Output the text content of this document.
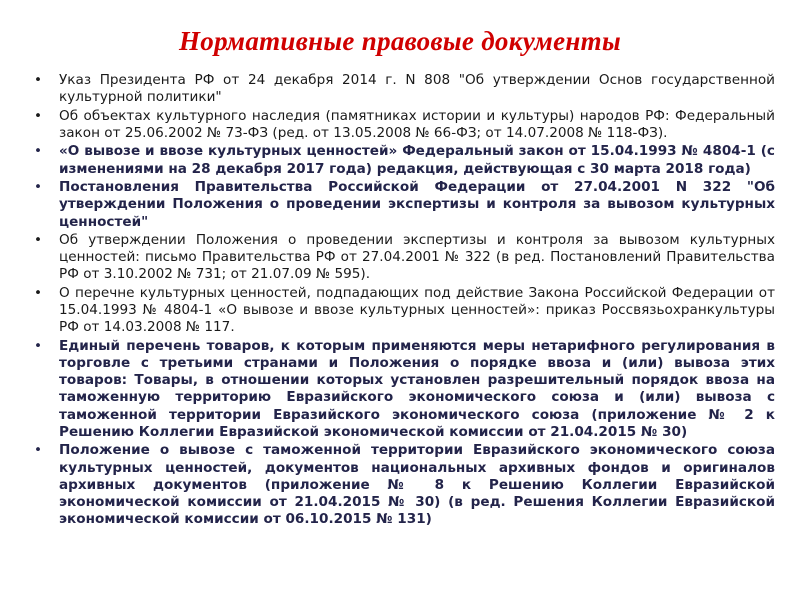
Нормативные правовые документы
• Указ Президента РФ от 24 декабря 2014 г. N 808 "Об утверждении Основ государственной культурной политики"
• Об объектах культурного наследия (памятниках истории и культуры) народов РФ: Федеральный закон от 25.06.2002 № 73-ФЗ (ред. от 13.05.2008 № 66-ФЗ; от 14.07.2008 № 118-ФЗ).
• «О вывозе и ввозе культурных ценностей» Федеральный закон от 15.04.1993 № 4804-1 (с изменениями на 28 декабря 2017 года) редакция, действующая с 30 марта 2018 года)
• Постановления Правительства Российской Федерации от 27.04.2001 N 322 "Об утверждении Положения о проведении экспертизы и контроля за вывозом культурных ценностей"
• Об утверждении Положения о проведении экспертизы и контроля за вывозом культурных ценностей: письмо Правительства РФ от 27.04.2001 № 322 (в ред. Постановлений Правительства РФ от 3.10.2002 № 731; от 21.07.09 № 595).
• О перечне культурных ценностей, подпадающих под действие Закона Российской Федерации от 15.04.1993 № 4804-1 «О вывозе и ввозе культурных ценностей»: приказ Россвязьохранкультуры РФ от 14.03.2008 № 117.
• Единый перечень товаров, к которым применяются меры нетарифного регулирования в торговле с третьими странами и Положения о порядке ввоза и (или) вывоза этих товаров: Товары, в отношении которых установлен разрешительный порядок ввоза на таможенную территорию Евразийского экономического союза и (или) вывоза с таможенной территории Евразийского экономического союза (приложение № 2 к Решению Коллегии Евразийской экономической комиссии от 21.04.2015 № 30)
• Положение о вывозе с таможенной территории Евразийского экономического союза культурных ценностей, документов национальных архивных фондов и оригиналов архивных документов (приложение № 8 к Решению Коллегии Евразийской экономической комиссии от 21.04.2015 № 30) (в ред. Решения Коллегии Евразийской экономической комиссии от 06.10.2015 № 131)
